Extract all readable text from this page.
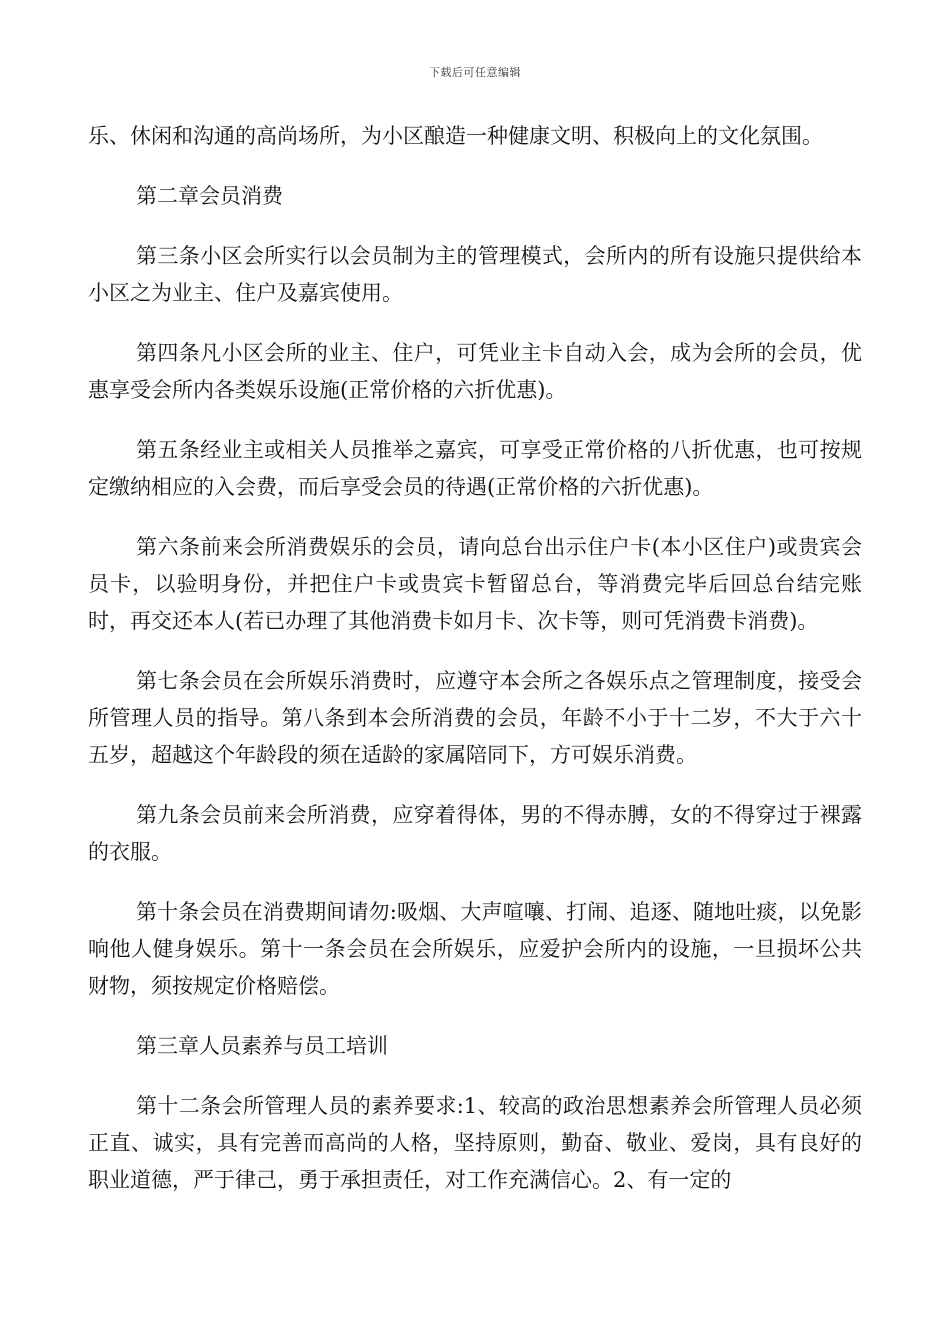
下载后可任意编辑

乐、休闲和沟通的高尚场所，为小区酿造一种健康文明、积极向上的文化氛围。

第二章会员消费

第三条小区会所实行以会员制为主的管理模式，会所内的所有设施只提供给本小区之为业主、住户及嘉宾使用。

第四条凡小区会所的业主、住户，可凭业主卡自动入会，成为会所的会员，优惠享受会所内各类娱乐设施(正常价格的六折优惠)。

第五条经业主或相关人员推举之嘉宾，可享受正常价格的八折优惠，也可按规定缴纳相应的入会费，而后享受会员的待遇(正常价格的六折优惠)。

第六条前来会所消费娱乐的会员，请向总台出示住户卡(本小区住户)或贵宾会员卡，以验明身份，并把住户卡或贵宾卡暂留总台，等消费完毕后回总台结完账时，再交还本人(若已办理了其他消费卡如月卡、次卡等，则可凭消费卡消费)。

第七条会员在会所娱乐消费时，应遵守本会所之各娱乐点之管理制度，接受会所管理人员的指导。第八条到本会所消费的会员，年龄不小于十二岁，不大于六十五岁，超越这个年龄段的须在适龄的家属陪同下，方可娱乐消费。

第九条会员前来会所消费，应穿着得体，男的不得赤膊，女的不得穿过于裸露的衣服。

第十条会员在消费期间请勿:吸烟、大声喧嚷、打闹、追逐、随地吐痰，以免影响他人健身娱乐。第十一条会员在会所娱乐，应爱护会所内的设施，一旦损坏公共财物，须按规定价格赔偿。

第三章人员素养与员工培训

第十二条会所管理人员的素养要求:1、较高的政治思想素养会所管理人员必须正直、诚实，具有完善而高尚的人格，坚持原则，勤奋、敬业、爱岗，具有良好的职业道德，严于律己，勇于承担责任，对工作充满信心。2、有一定的
